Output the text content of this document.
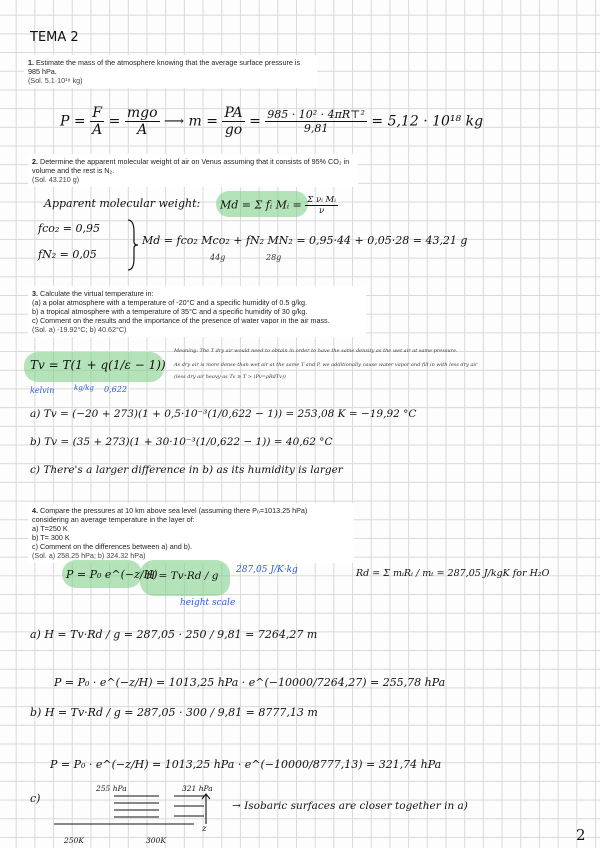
TEMA 2
1. Estimate the mass of the atmosphere knowing that the average surface pressure is 985 hPa.
(Sol. 5.1·10¹⁸ kg)
$P = \frac{F}{A} = \frac{\text{mgo}}{A}$ ⟶ $m = \frac{PA}{go} = \frac{\text{985 · 10² · 4πR⊤²}}{9,81} = 5,12 \cdot 10^{18}$ kg
2. Determine the apparent molecular weight of air on Venus assuming that it consists of 95% CO₂ in volume and the rest is N₂.
(Sol. 43.210 g)
Apparent molecular weight: Md = Σ fᵢ Mᵢ = $\frac{\text{Σ νᵢ Mᵢ}}{\nu}$
fco₂ = 0,95
fN₂ = 0,05
Md = fco₂ Mco₂ + fN₂ MN₂ = 0,95·44 + 0,05·28 = 43,21 g
44g	28g
3. Calculate the virtual temperature in:
(a) a polar atmosphere with a temperature of -20°C and a specific humidity of 0.5 g/kg.
b) a tropical atmosphere with a temperature of 35°C and a specific humidity of 30 g/kg.
c) Comment on the results and the importance of the presence of water vapor in the air mass.
(Sol. a) -19.92°C; b) 40.62°C)
Tv = T(1 + q(1/ε − 1))
kelvin	kg/kg 0,622
Meaning: The T dry air would need to obtain in order to have the same density as the wet air at same pressure.
As dry air is more dense than wet air at the same T and P, we additionally cause water vapor and fill in with less dry air
(less dry air heavy as Tv ≥ T > (Pv=ρRdTv))
a) Tv = (−20 + 273)(1 + 0,5·10⁻³(1/0,622 − 1)) = 253,08 K = −19,92 °C
b) Tv = (35 + 273)(1 + 30·10⁻³(1/0,622 − 1)) = 40,62 °C
c) There's a larger difference in b) as its humidity is larger
4. Compare the pressures at 10 km above sea level (assuming there P₀=1013.25 hPa)
considering an average temperature in the layer of:
a) T=250 K
b) T= 300 K
c) Comment on the differences between a) and b).
(Sol. a) 258.25 hPa; b) 324.32 hPa)
P = P₀ e^(−z/H)
H = Tv·Rd / g 287,05 J/K·kg
height scale
Rd = Σ mᵢRᵢ / mₜ = 287,05 J/kgK for H₂O
a) H = Tv·Rd / g = 287,05 · 250 / 9,81 = 7264,27 m
P = P₀ · e^(−z/H) = 1013,25 hPa · e^(−10000/7264,27) = 255,78 hPa
b) H = Tv·Rd / g = 287,05 · 300 / 9,81 = 8777,13 m
P = P₀ · e^(−z/H) = 1013,25 hPa · e^(−10000/8777,13) = 321,74 hPa
c)
255 hPa	321 hPa
z
250K	300K
→ Isobaric surfaces are closer together in a)
2
